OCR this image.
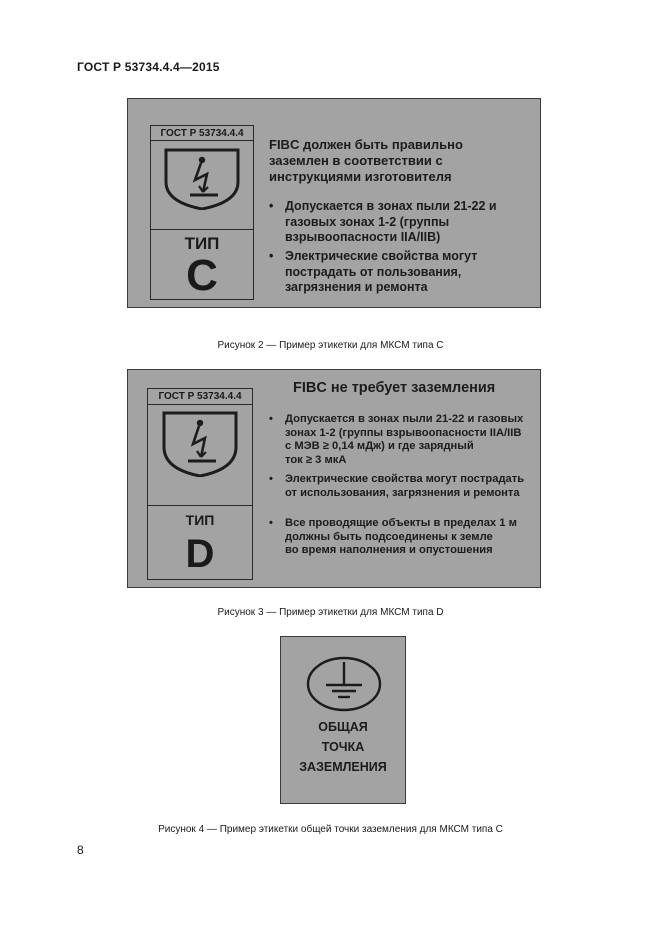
ГОСТ Р 53734.4.4—2015
ГОСТ Р 53734.4.4
ТИП
С
FIBC должен быть правильно
заземлен в соответствии с
инструкциями изготовителя
• Допускается в зонах пыли 21-22 и
газовых зонах 1-2 (группы
взрывоопасности IIA/IIB)
• Электрические свойства могут
пострадать от пользования,
загрязнения и ремонта
Рисунок 2 — Пример этикетки для МКСМ типа С
ГОСТ Р 53734.4.4
ТИП
D
FIBC не требует заземления
• Допускается в зонах пыли 21-22 и газовых
зонах 1-2 (группы взрывоопасности IIA/IIB
с МЭВ ≥ 0,14 мДж) и где зарядный
ток ≥ 3 мкА
• Электрические свойства могут пострадать
от использования, загрязнения и ремонта
• Все проводящие объекты в пределах 1 м
должны быть подсоединены к земле
во время наполнения и опустошения
Рисунок 3 — Пример этикетки для МКСМ типа D
ОБЩАЯ
ТОЧКА
ЗАЗЕМЛЕНИЯ
Рисунок 4 — Пример этикетки общей точки заземления для МКСМ типа С
8
